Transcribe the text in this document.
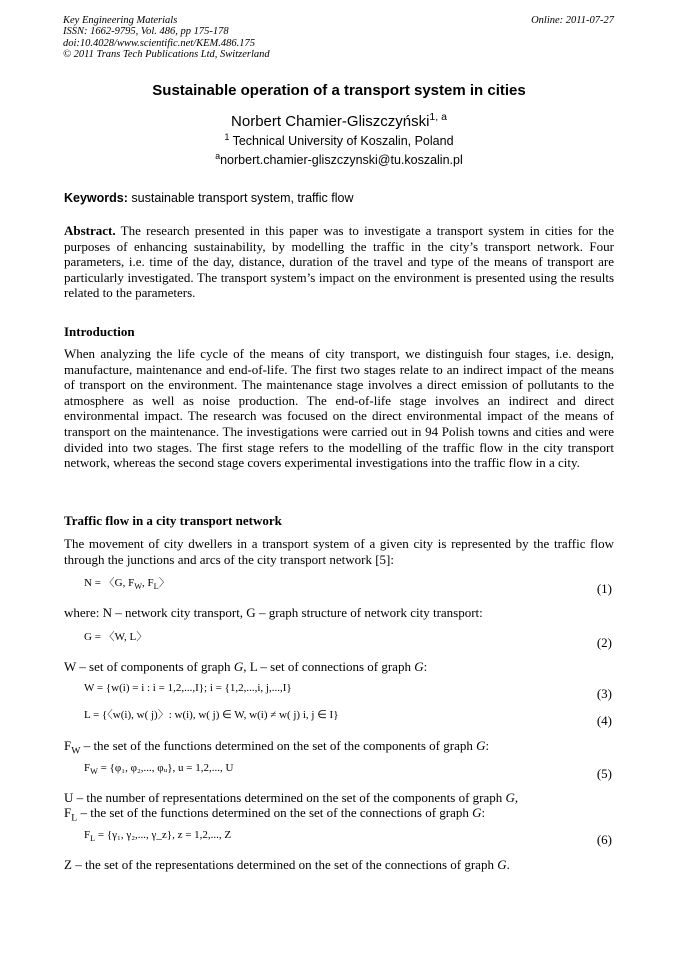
Key Engineering Materials
ISSN: 1662-9795, Vol. 486, pp 175-178
doi:10.4028/www.scientific.net/KEM.486.175
© 2011 Trans Tech Publications Ltd, Switzerland
Online: 2011-07-27
Sustainable operation of a transport system in cities
Norbert Chamier-Gliszczyński$^{1, a}$
$^1$ Technical University of Koszalin, Poland
$^a$norbert.chamier-gliszczynski@tu.koszalin.pl
Keywords: sustainable transport system, traffic flow
Abstract. The research presented in this paper was to investigate a transport system in cities for the purposes of enhancing sustainability, by modelling the traffic in the city’s transport network. Four parameters, i.e. time of the day, distance, duration of the travel and type of the means of transport are particularly investigated. The transport system’s impact on the environment is presented using the results related to the parameters.
Introduction
When analyzing the life cycle of the means of city transport, we distinguish four stages, i.e. design, manufacture, maintenance and end-of-life. The first two stages relate to an indirect impact of the means of transport on the environment. The maintenance stage involves a direct emission of pollutants to the atmosphere as well as noise production. The end-of-life stage involves an indirect and direct environmental impact. The research was focused on the direct environmental impact of the means of transport on the maintenance. The investigations were carried out in 94 Polish towns and cities and were divided into two stages. The first stage refers to the modelling of the traffic flow in the city transport network, whereas the second stage covers experimental investigations into the traffic flow in a city.
Traffic flow in a city transport network
The movement of city dwellers in a transport system of a given city is represented by the traffic flow through the junctions and arcs of the city transport network [5]:
N = 〈G, $F_W$, $F_L$〉	(1)
where: N – network city transport, G – graph structure of network city transport:
G = 〈W, L〉	(2)
W – set of components of graph G, L – set of connections of graph G:
W = {w(i) = i : i = 1,2,...,I}; i = {1,2,...,i, j,...,I}	(3)
L = {〈w(i), w( j)〉: w(i), w( j) ∈ W, w(i) ≠ w( j) i, j ∈ I}	(4)
$F_W$ – the set of the functions determined on the set of the components of graph G:
$F_W = \{\varphi_1$, φ₂,..., φᵤ}, u = 1,2,..., U	(5)
U – the number of representations determined on the set of the components of graph G,
$F_L$ – the set of the functions determined on the set of the connections of graph G:
$F_L = \{\gamma_1$, γ₂,..., γ_z}, z = 1,2,..., Z	(6)
Z – the set of the representations determined on the set of the connections of graph G.
